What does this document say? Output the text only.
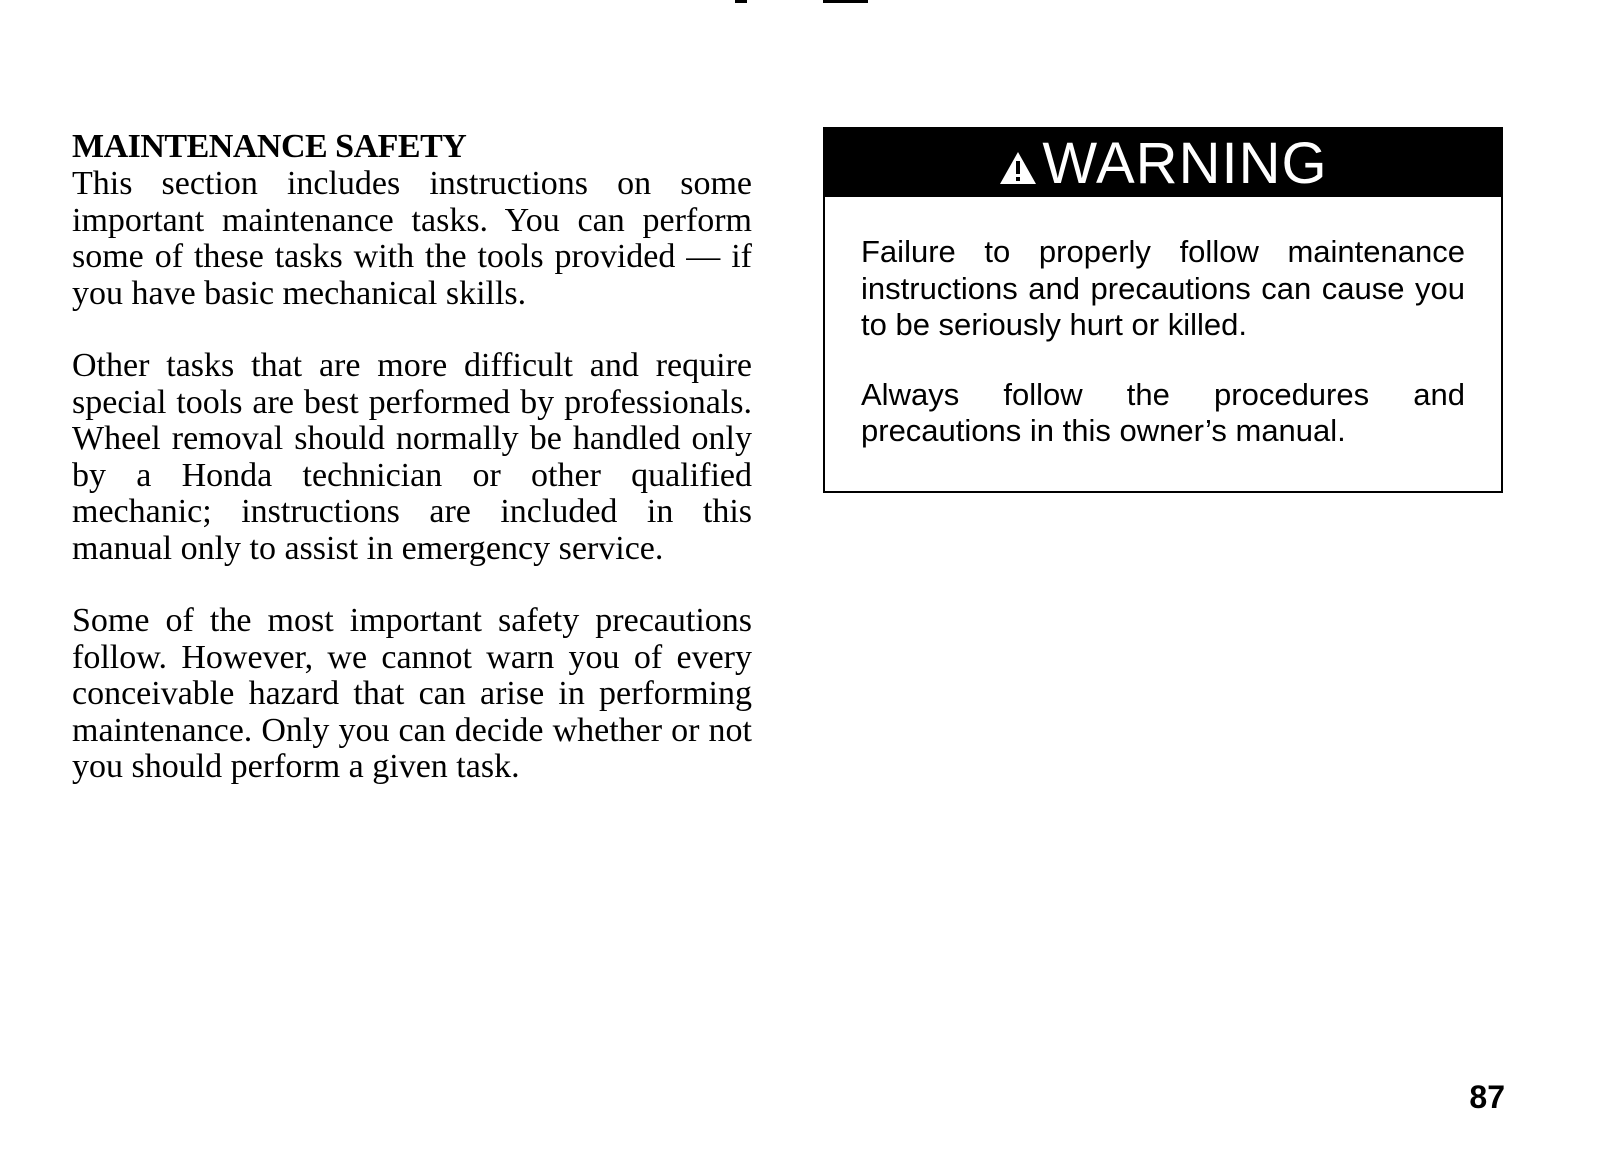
MAINTENANCE SAFETY

This section includes instructions on some important maintenance tasks. You can perform some of these tasks with the tools provided — if you have basic mechanical skills.

Other tasks that are more difficult and require special tools are best performed by professionals. Wheel removal should normally be handled only by a Honda technician or other qualified mechanic; instructions are included in this manual only to assist in emergency service.

Some of the most important safety precautions follow. However, we cannot warn you of every conceivable hazard that can arise in performing maintenance. Only you can decide whether or not you should perform a given task.

WARNING

Failure to properly follow maintenance instructions and precautions can cause you to be seriously hurt or killed.

Always follow the procedures and precautions in this owner’s manual.

87
